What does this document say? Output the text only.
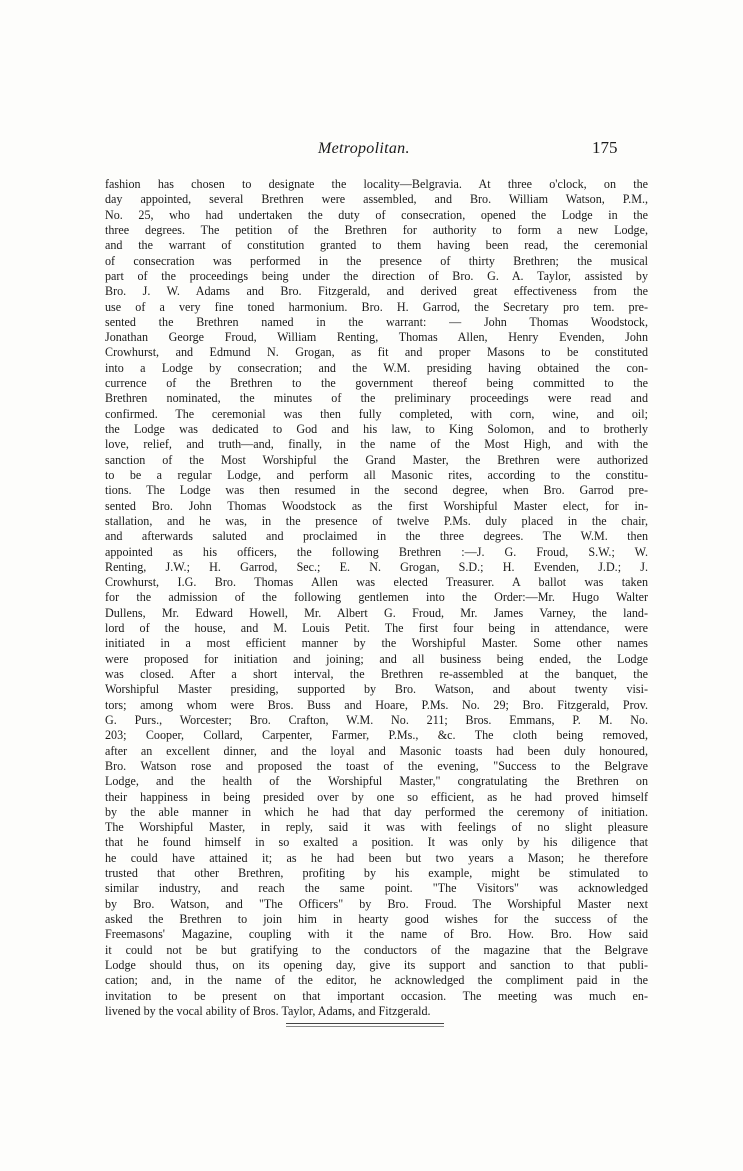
Metropolitan.	175
fashion has chosen to designate the locality—Belgravia. At three o'clock, on the
day appointed, several Brethren were assembled, and Bro. William Watson, P.M.,
No. 25, who had undertaken the duty of consecration, opened the Lodge in the
three degrees. The petition of the Brethren for authority to form a new Lodge,
and the warrant of constitution granted to them having been read, the ceremonial
of consecration was performed in the presence of thirty Brethren; the musical
part of the proceedings being under the direction of Bro. G. A. Taylor, assisted by
Bro. J. W. Adams and Bro. Fitzgerald, and derived great effectiveness from the
use of a very fine toned harmonium. Bro. H. Garrod, the Secretary pro tem. pre-
sented the Brethren named in the warrant: — John Thomas Woodstock,
Jonathan George Froud, William Renting, Thomas Allen, Henry Evenden, John
Crowhurst, and Edmund N. Grogan, as fit and proper Masons to be constituted
into a Lodge by consecration; and the W.M. presiding having obtained the con-
currence of the Brethren to the government thereof being committed to the
Brethren nominated, the minutes of the preliminary proceedings were read and
confirmed. The ceremonial was then fully completed, with corn, wine, and oil;
the Lodge was dedicated to God and his law, to King Solomon, and to brotherly
love, relief, and truth—and, finally, in the name of the Most High, and with the
sanction of the Most Worshipful the Grand Master, the Brethren were authorized
to be a regular Lodge, and perform all Masonic rites, according to the constitu-
tions. The Lodge was then resumed in the second degree, when Bro. Garrod pre-
sented Bro. John Thomas Woodstock as the first Worshipful Master elect, for in-
stallation, and he was, in the presence of twelve P.Ms. duly placed in the chair,
and afterwards saluted and proclaimed in the three degrees. The W.M. then
appointed as his officers, the following Brethren :—J. G. Froud, S.W.; W.
Renting, J.W.; H. Garrod, Sec.; E. N. Grogan, S.D.; H. Evenden, J.D.; J.
Crowhurst, I.G. Bro. Thomas Allen was elected Treasurer. A ballot was taken
for the admission of the following gentlemen into the Order:—Mr. Hugo Walter
Dullens, Mr. Edward Howell, Mr. Albert G. Froud, Mr. James Varney, the land-
lord of the house, and M. Louis Petit. The first four being in attendance, were
initiated in a most efficient manner by the Worshipful Master. Some other names
were proposed for initiation and joining; and all business being ended, the Lodge
was closed. After a short interval, the Brethren re-assembled at the banquet, the
Worshipful Master presiding, supported by Bro. Watson, and about twenty visi-
tors; among whom were Bros. Buss and Hoare, P.Ms. No. 29; Bro. Fitzgerald, Prov.
G. Purs., Worcester; Bro. Crafton, W.M. No. 211; Bros. Emmans, P. M. No.
203; Cooper, Collard, Carpenter, Farmer, P.Ms., &c. The cloth being removed,
after an excellent dinner, and the loyal and Masonic toasts had been duly honoured,
Bro. Watson rose and proposed the toast of the evening, "Success to the Belgrave
Lodge, and the health of the Worshipful Master," congratulating the Brethren on
their happiness in being presided over by one so efficient, as he had proved himself
by the able manner in which he had that day performed the ceremony of initiation.
The Worshipful Master, in reply, said it was with feelings of no slight pleasure
that he found himself in so exalted a position. It was only by his diligence that
he could have attained it; as he had been but two years a Mason; he therefore
trusted that other Brethren, profiting by his example, might be stimulated to
similar industry, and reach the same point. "The Visitors" was acknowledged
by Bro. Watson, and "The Officers" by Bro. Froud. The Worshipful Master next
asked the Brethren to join him in hearty good wishes for the success of the
Freemasons' Magazine, coupling with it the name of Bro. How. Bro. How said
it could not be but gratifying to the conductors of the magazine that the Belgrave
Lodge should thus, on its opening day, give its support and sanction to that publi-
cation; and, in the name of the editor, he acknowledged the compliment paid in the
invitation to be present on that important occasion. The meeting was much en-
livened by the vocal ability of Bros. Taylor, Adams, and Fitzgerald.
